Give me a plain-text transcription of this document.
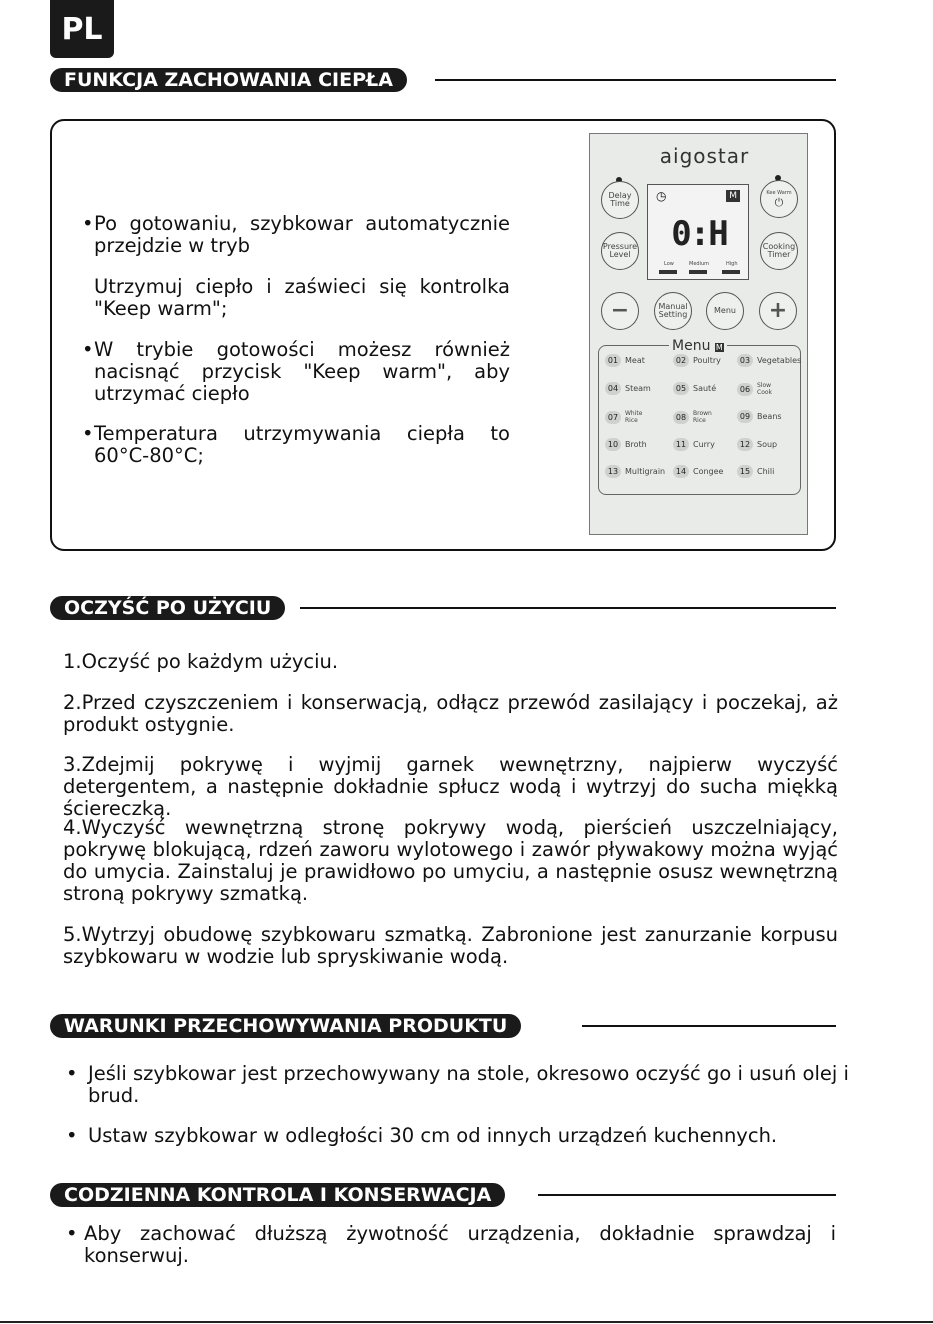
PL
FUNKCJA ZACHOWANIA CIEPŁA
• Po gotowaniu, szybkowar automatycznie przejdzie w tryb
Utrzymuj ciepło i zaświeci się kontrolka "Keep warm";
• W trybie gotowości możesz również nacisnąć przycisk "Keep warm", aby utrzymać ciepło
• Temperatura utrzymywania ciepła to 60°C-80°C;
aigostar
Delay Time
Kee Warm
⏻
◷	M
0:H
Low	Medium	High
Pressure Level
Cooking Timer
−	Manual Setting	Menu	+
Menu M
01 Meat	02 Poultry	03 Vegetables
04 Steam	05 Sauté	06	Slow Cook
07	White Rice	08	Brown Rice	09 Beans
10 Broth	11 Curry	12 Soup
13 Multigrain	14 Congee	15 Chili
OCZYŚĆ PO UŻYCIU
1.Oczyść po każdym użyciu.
2.Przed czyszczeniem i konserwacją, odłącz przewód zasilający i poczekaj, aż produkt ostygnie.
3.Zdejmij pokrywę i wyjmij garnek wewnętrzny, najpierw wyczyść detergentem, a następnie dokładnie spłucz wodą i wytrzyj do sucha miękką ściereczką.
4.Wyczyść wewnętrzną stronę pokrywy wodą, pierścień uszczelniający, pokrywę blokującą, rdzeń zaworu wylotowego i zawór pływakowy można wyjąć do umycia. Zainstaluj je prawidłowo po umyciu, a następnie osusz wewnętrzną stroną pokrywy szmatką.
5.Wytrzyj obudowę szybkowaru szmatką. Zabronione jest zanurzanie korpusu szybkowaru w wodzie lub spryskiwanie wodą.
WARUNKI PRZECHOWYWANIA PRODUKTU
• Jeśli szybkowar jest przechowywany na stole, okresowo oczyść go i usuń olej i brud.
• Ustaw szybkowar w odległości 30 cm od innych urządzeń kuchennych.
CODZIENNA KONTROLA I KONSERWACJA
• Aby zachować dłuższą żywotność urządzenia, dokładnie sprawdzaj i konserwuj.
